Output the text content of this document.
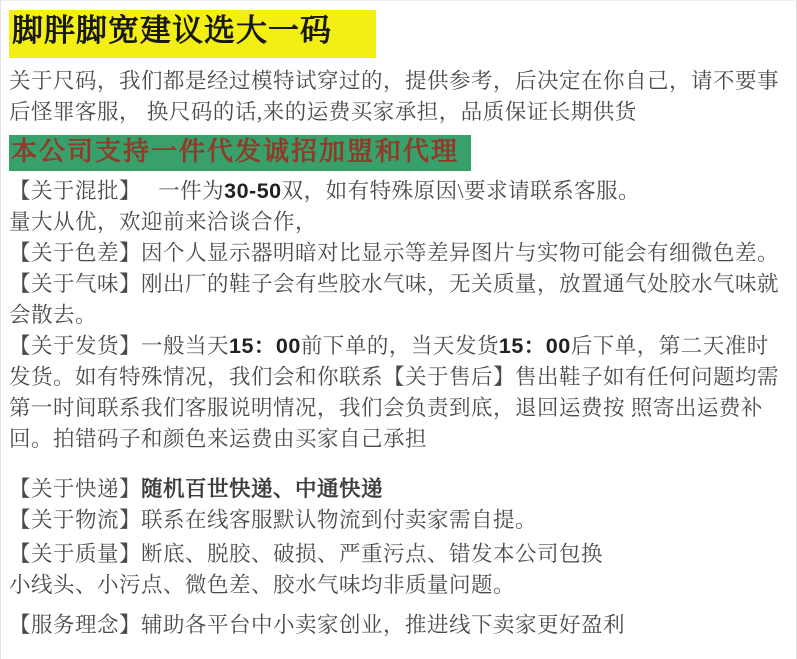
脚胖脚宽建议选大一码

关于尺码，我们都是经过模特试穿过的，提供参考，后决定在你自己，请不要事后怪罪客服， 换尺码的话,来的运费买家承担，品质保证长期供货

本公司支持一件代发诚招加盟和代理

【关于混批】　 一件为30-50双，如有特殊原因\要求请联系客服。

量大从优，欢迎前来洽谈合作，

【关于色差】因个人显示器明暗对比显示等差异图片与实物可能会有细微色差。

【关于气味】刚出厂的鞋子会有些胶水气味，无关质量，放置通气处胶水气味就会散去。

【关于发货】一般当天15：00前下单的，当天发货15：00后下单，第二天准时发货。如有特殊情况，我们会和你联系【关于售后】售出鞋子如有任何问题均需第一时间联系我们客服说明情况，我们会负责到底，退回运费按 照寄出运费补回。拍错码子和颜色来运费由买家自己承担

【关于快递】随机百世快递、中通快递

【关于物流】联系在线客服默认物流到付卖家需自提。

【关于质量】断底、脱胶、破损、严重污点、错发本公司包换

小线头、小污点、微色差、胶水气味均非质量问题。

【服务理念】辅助各平台中小卖家创业，推进线下卖家更好盈利
